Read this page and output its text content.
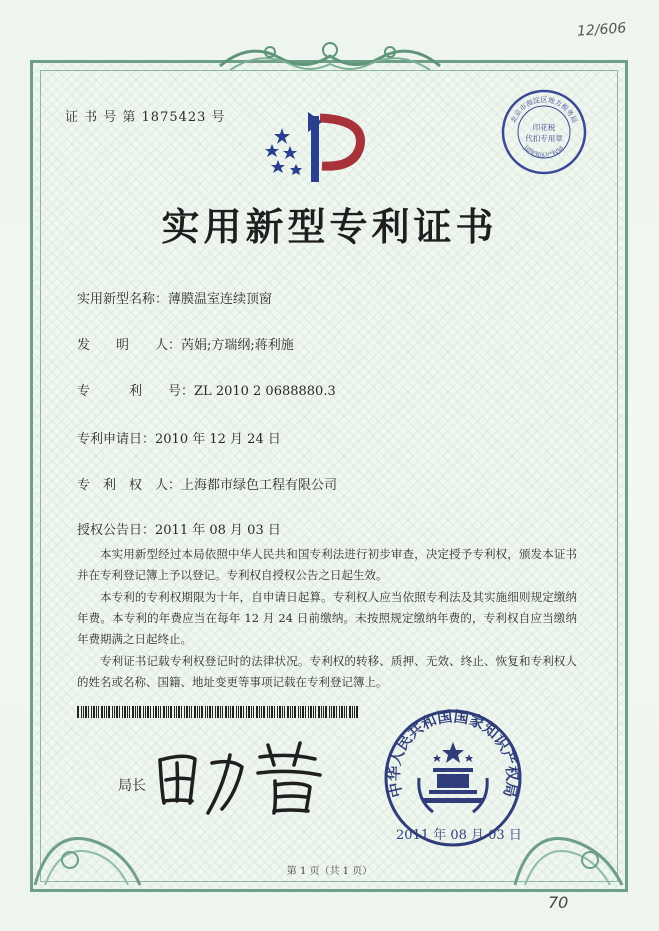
12/606
70
证 书 号 第 1875423 号	北京市海淀区地方税务局
国家知识产权局
印花税
代扣专用章
实用新型专利证书
实用新型名称：薄膜温室连续顶窗
发　　明　　人：芮娟;方瑞纲;蒋利施
专　　　利　　号：ZL 2010 2 0688880.3
专利申请日：2010 年 12 月 24 日
专　利　权　人：上海都市绿色工程有限公司
授权公告日：2011 年 08 月 03 日
本实用新型经过本局依照中华人民共和国专利法进行初步审查，决定授予专利权，颁发本证书并在专利登记簿上予以登记。专利权自授权公告之日起生效。
本专利的专利权期限为十年，自申请日起算。专利权人应当依照专利法及其实施细则规定缴纳年费。本专利的年费应当在每年 12 月 24 日前缴纳。未按照规定缴纳年费的，专利权自应当缴纳年费期满之日起终止。
专利证书记载专利权登记时的法律状况。专利权的转移、质押、无效、终止、恢复和专利权人的姓名或名称、国籍、地址变更等事项记载在专利登记簿上。
局长	中华人民共和国国家知识产权局
2011 年 08 月 03 日
第 1 页（共 1 页）
